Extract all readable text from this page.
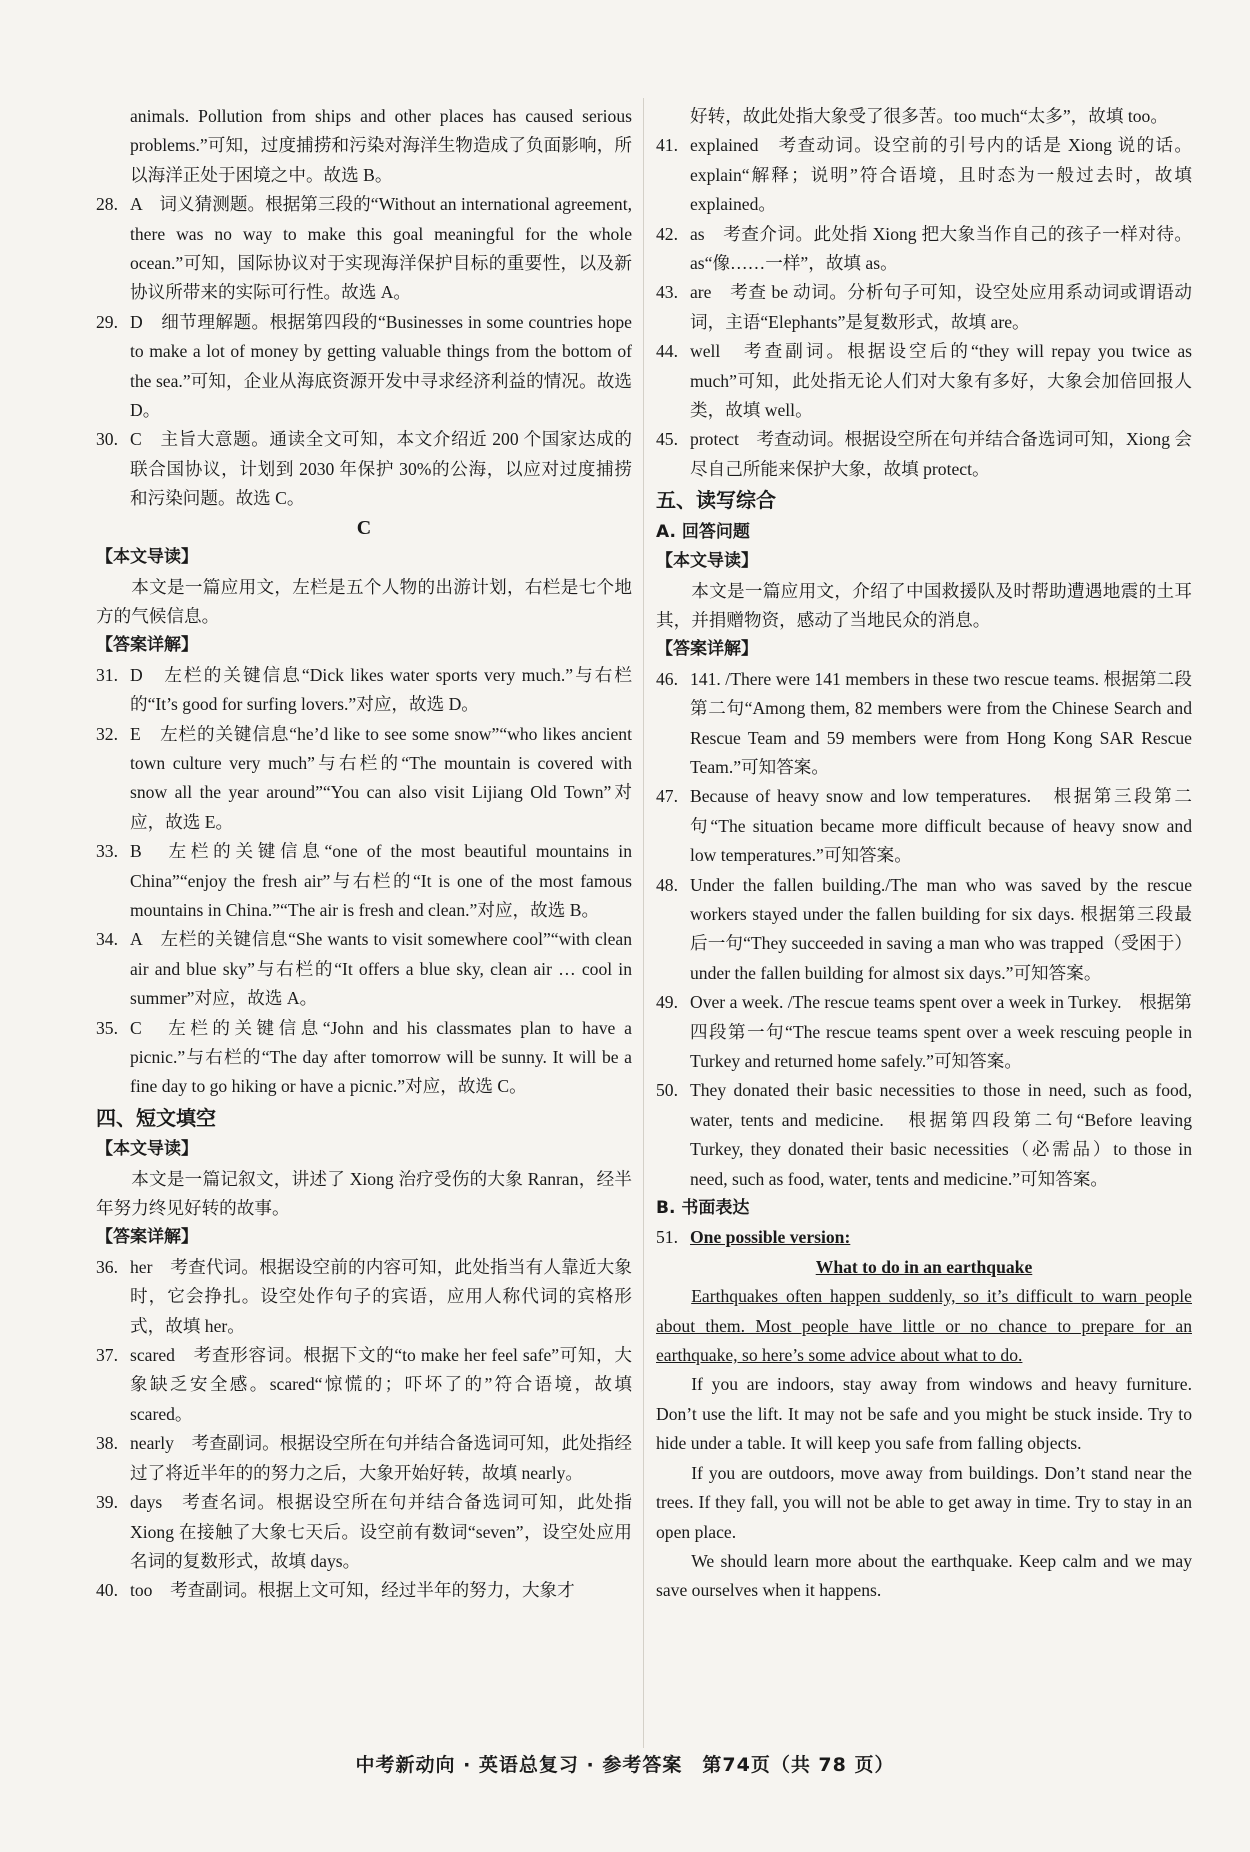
animals. Pollution from ships and other places has caused serious problems.”可知，过度捕捞和污染对海洋生物造成了负面影响，所以海洋正处于困境之中。故选 B。

28. A　词义猜测题。根据第三段的“Without an international agreement, there was no way to make this goal meaningful for the whole ocean.”可知，国际协议对于实现海洋保护目标的重要性，以及新协议所带来的实际可行性。故选 A。

29. D　细节理解题。根据第四段的“Businesses in some countries hope to make a lot of money by getting valuable things from the bottom of the sea.”可知，企业从海底资源开发中寻求经济利益的情况。故选 D。

30. C　主旨大意题。通读全文可知，本文介绍近 200 个国家达成的联合国协议，计划到 2030 年保护 30%的公海，以应对过度捕捞和污染问题。故选 C。

C

【本文导读】

本文是一篇应用文，左栏是五个人物的出游计划，右栏是七个地方的气候信息。

【答案详解】

31. D　左栏的关键信息“Dick likes water sports very much.”与右栏的“It’s good for surfing lovers.”对应，故选 D。

32. E　左栏的关键信息“he’d like to see some snow”“who likes ancient town culture very much”与右栏的“The mountain is covered with snow all the year around”“You can also visit Lijiang Old Town”对应，故选 E。

33. B　左栏的关键信息“one of the most beautiful mountains in China”“enjoy the fresh air”与右栏的“It is one of the most famous mountains in China.”“The air is fresh and clean.”对应，故选 B。

34. A　左栏的关键信息“She wants to visit somewhere cool”“with clean air and blue sky”与右栏的“It offers a blue sky, clean air … cool in summer”对应，故选 A。

35. C　左栏的关键信息“John and his classmates plan to have a picnic.”与右栏的“The day after tomorrow will be sunny. It will be a fine day to go hiking or have a picnic.”对应，故选 C。

四、短文填空

【本文导读】

本文是一篇记叙文，讲述了 Xiong 治疗受伤的大象 Ranran，经半年努力终见好转的故事。

【答案详解】

36. her　考查代词。根据设空前的内容可知，此处指当有人靠近大象时，它会挣扎。设空处作句子的宾语，应用人称代词的宾格形式，故填 her。

37. scared　考查形容词。根据下文的“to make her feel safe”可知，大象缺乏安全感。scared“惊慌的；吓坏了的”符合语境，故填 scared。

38. nearly　考查副词。根据设空所在句并结合备选词可知，此处指经过了将近半年的的努力之后，大象开始好转，故填 nearly。

39. days　考查名词。根据设空所在句并结合备选词可知，此处指 Xiong 在接触了大象七天后。设空前有数词“seven”，设空处应用名词的复数形式，故填 days。

40. too　考查副词。根据上文可知，经过半年的努力，大象才

好转，故此处指大象受了很多苦。too much“太多”，故填 too。

41. explained　考查动词。设空前的引号内的话是 Xiong 说的话。explain“解释；说明”符合语境，且时态为一般过去时，故填 explained。

42. as　考查介词。此处指 Xiong 把大象当作自己的孩子一样对待。as“像……一样”，故填 as。

43. are　考查 be 动词。分析句子可知，设空处应用系动词或谓语动词，主语“Elephants”是复数形式，故填 are。

44. well　考查副词。根据设空后的“they will repay you twice as much”可知，此处指无论人们对大象有多好，大象会加倍回报人类，故填 well。

45. protect　考查动词。根据设空所在句并结合备选词可知，Xiong 会尽自己所能来保护大象，故填 protect。

五、读写综合

A. 回答问题

【本文导读】

本文是一篇应用文，介绍了中国救援队及时帮助遭遇地震的土耳其，并捐赠物资，感动了当地民众的消息。

【答案详解】

46. 141. /There were 141 members in these two rescue teams. 根据第二段第二句“Among them, 82 members were from the Chinese Search and Rescue Team and 59 members were from Hong Kong SAR Rescue Team.”可知答案。

47. Because of heavy snow and low temperatures.　根据第三段第二句“The situation became more difficult because of heavy snow and low temperatures.”可知答案。

48. Under the fallen building./The man who was saved by the rescue workers stayed under the fallen building for six days. 根据第三段最后一句“They succeeded in saving a man who was trapped（受困于）under the fallen building for almost six days.”可知答案。

49. Over a week. /The rescue teams spent over a week in Turkey.　根据第四段第一句“The rescue teams spent over a week rescuing people in Turkey and returned home safely.”可知答案。

50. They donated their basic necessities to those in need, such as food, water, tents and medicine.　根据第四段第二句“Before leaving Turkey, they donated their basic necessities（必需品）to those in need, such as food, water, tents and medicine.”可知答案。

B. 书面表达

51. One possible version:

What to do in an earthquake

Earthquakes often happen suddenly, so it’s difficult to warn people about them. Most people have little or no chance to prepare for an earthquake, so here’s some advice about what to do.

If you are indoors, stay away from windows and heavy furniture. Don’t use the lift. It may not be safe and you might be stuck inside. Try to hide under a table. It will keep you safe from falling objects.

If you are outdoors, move away from buildings. Don’t stand near the trees. If they fall, you will not be able to get away in time. Try to stay in an open place.

We should learn more about the earthquake. Keep calm and we may save ourselves when it happens.

中考新动向 · 英语总复习 · 参考答案　第74页（共 78 页）
